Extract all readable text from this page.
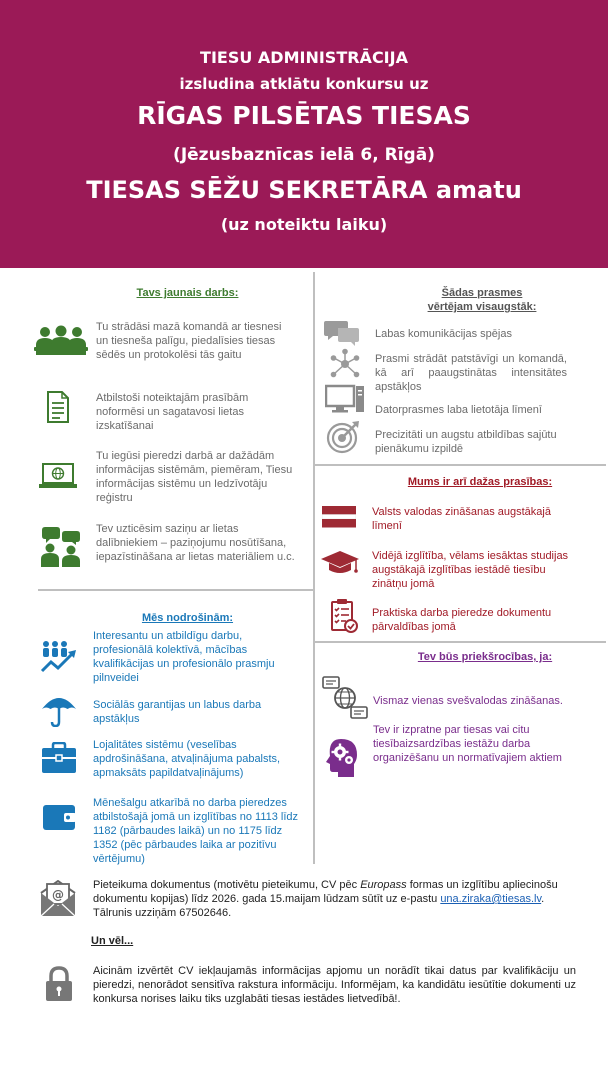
TIESU ADMINISTRĀCIJA
izsludina atklātu konkursu uz
RĪGAS PILSĒTAS TIESAS
(Jēzusbaznīcas ielā 6, Rīgā)
TIESAS SĒŽU SEKRETĀRA amatu
(uz noteiktu laiku)
Tavs jaunais darbs:
Tu strādāsi mazā komandā ar tiesnesi un tiesneša palīgu, piedalīsies tiesas sēdēs un protokolēsi tās gaitu
Atbilstoši noteiktajām prasībām noformēsi un sagatavosi lietas izskatīšanai
Tu iegūsi pieredzi darbā ar dažādām informācijas sistēmām, piemēram, Tiesu informācijas sistēmu un Iedzīvotāju reģistru
Tev uzticēsim saziņu ar lietas dalībniekiem – paziņojumu nosūtīšana, iepazīstināšana ar lietas materiāliem u.c.
Mēs nodrošinām:
Interesantu un atbildīgu darbu, profesionālā kolektīvā, mācības kvalifikācijas un profesionālo prasmju pilnveidei
Sociālās garantijas un labus darba apstākļus
Lojalitātes sistēmu (veselības apdrošināšana, atvaļinājuma pabalsts, apmaksāts papildatvaļinājums)
Mēnešalgu atkarībā no darba pieredzes atbilstošajā jomā un izglītības no 1113 līdz 1182 (pārbaudes laikā) un no 1175 līdz 1352 (pēc pārbaudes laika ar pozitīvu vērtējumu)
Šādas prasmes
vērtējam visaugstāk:
Labas komunikācijas spējas
Prasmi strādāt patstāvīgi un komandā, kā arī paaugstinātas intensitātes apstākļos
Datorprasmes laba lietotāja līmenī
Precizitāti un augstu atbildības sajūtu pienākumu izpildē
Mums ir arī dažas prasības:
Valsts valodas zināšanas augstākajā līmenī
Vidējā izglītība, vēlams iesāktas studijas augstākajā izglītības iestādē tiesību zinātņu jomā
Praktiska darba pieredze dokumentu pārvaldības jomā
Tev būs priekšrocības, ja:
Vismaz vienas svešvalodas zināšanas.
Tev ir izpratne par tiesas vai citu tiesībaizsardzības iestāžu darba organizēšanu un normatīvajiem aktiem
@
Pieteikuma dokumentus (motivētu pieteikumu, CV pēc Europass formas un izglītību apliecinošu dokumentu kopijas) līdz 2026. gada 15.maijam lūdzam sūtīt uz e-pastu una.ziraka@tiesas.lv.
Tālrunis uzziņām 67502646.
Un vēl...
Aicinām izvērtēt CV iekļaujamās informācijas apjomu un norādīt tikai datus par kvalifikāciju un pieredzi, nenorādot sensitīva rakstura informāciju. Informējam, ka kandidātu iesūtītie dokumenti uz konkursa norises laiku tiks uzglabāti tiesas iestādes lietvedībā!.
